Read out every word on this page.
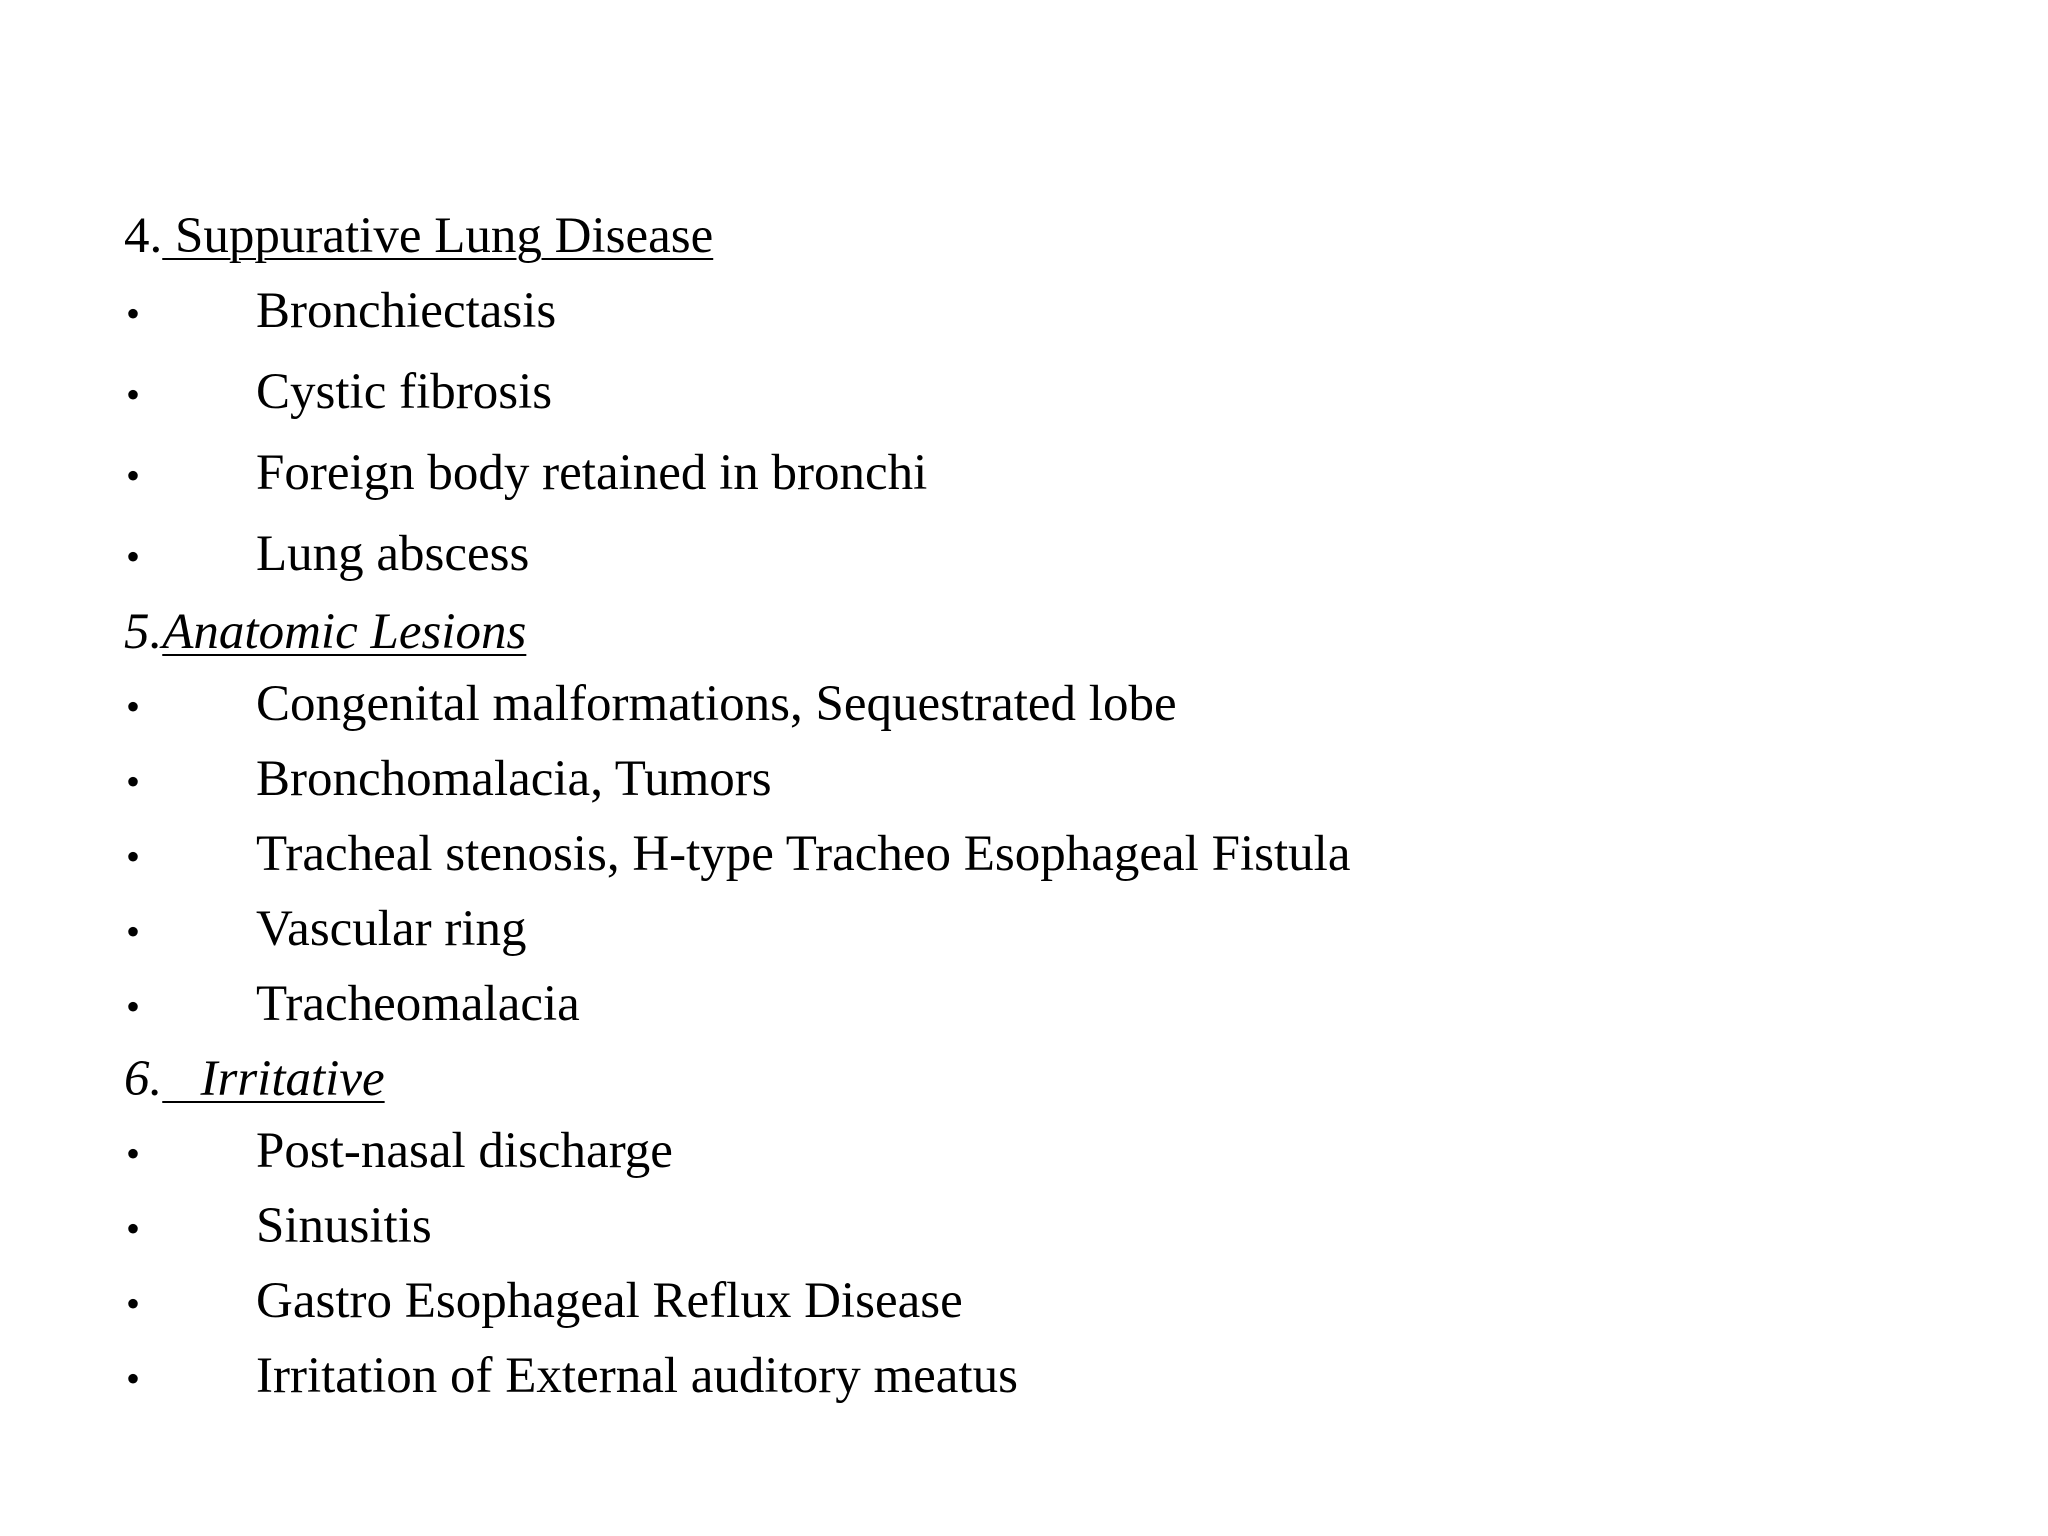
4. Suppurative Lung Disease
•	Bronchiectasis
•	Cystic fibrosis
•	Foreign body retained in bronchi
•	Lung abscess
5.Anatomic Lesions
•	Congenital malformations, Sequestrated lobe
•	Bronchomalacia, Tumors
•	Tracheal stenosis, H-type Tracheo Esophageal Fistula
•	Vascular ring
•	Tracheomalacia
6.   Irritative
•	Post-nasal discharge
•	Sinusitis
•	Gastro Esophageal Reflux Disease
•	Irritation of External auditory meatus
